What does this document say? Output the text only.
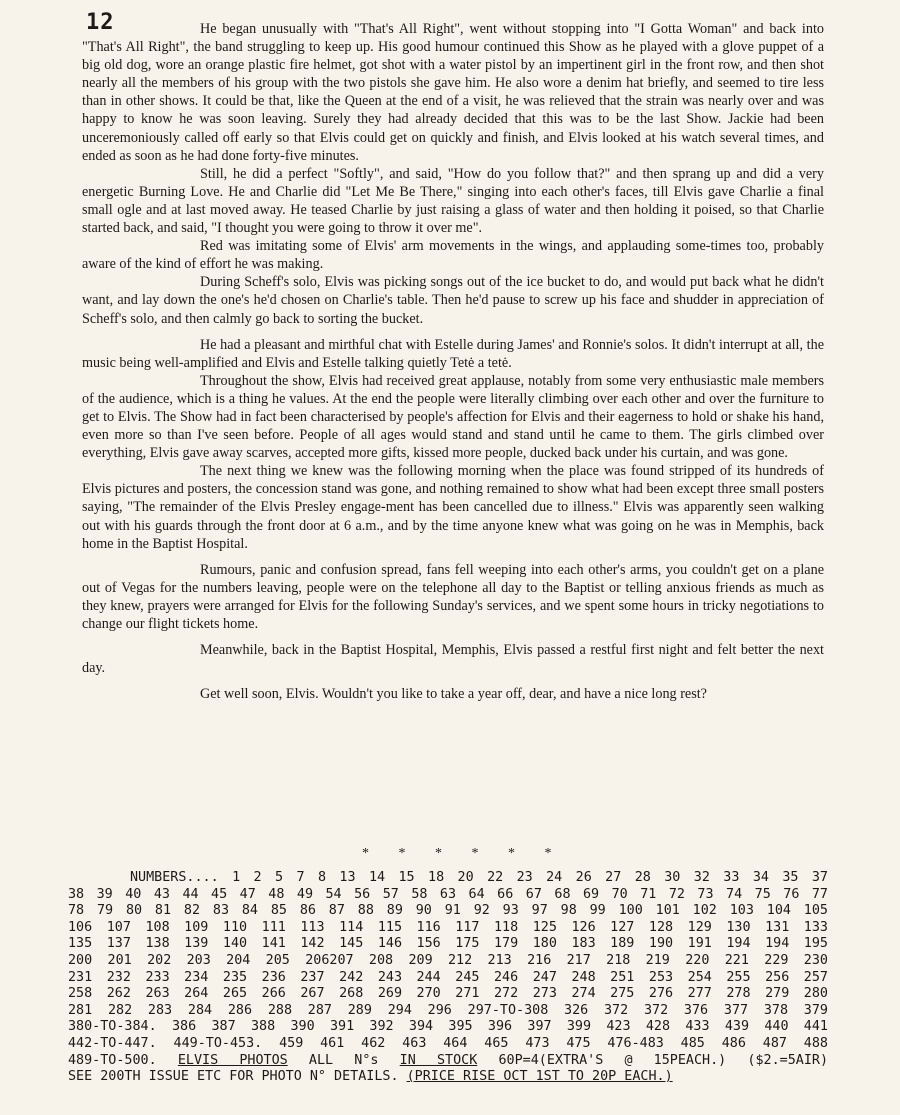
12	He began unusually with "That's All Right", went without stopping into "I Gotta Woman" and back into "That's All Right", the band struggling to keep up. His good humour continued this Show as he played with a glove puppet of a big old dog, wore an orange plastic fire helmet, got shot with a water pistol by an impertinent girl in the front row, and then shot nearly all the members of his group with the two pistols she gave him. He also wore a denim hat briefly, and seemed to tire less than in other shows. It could be that, like the Queen at the end of a visit, he was relieved that the strain was nearly over and was happy to know he was soon leaving. Surely they had already decided that this was to be the last Show. Jackie had been unceremoniously called off early so that Elvis could get on quickly and finish, and Elvis looked at his watch several times, and ended as soon as he had done forty-five minutes.

Still, he did a perfect "Softly", and said, "How do you follow that?" and then sprang up and did a very energetic Burning Love. He and Charlie did "Let Me Be There," singing into each other's faces, till Elvis gave Charlie a final small ogle and at last moved away. He teased Charlie by just raising a glass of water and then holding it poised, so that Charlie started back, and said, "I thought you were going to throw it over me".

Red was imitating some of Elvis' arm movements in the wings, and applauding some-times too, probably aware of the kind of effort he was making.

During Scheff's solo, Elvis was picking songs out of the ice bucket to do, and would put back what he didn't want, and lay down the one's he'd chosen on Charlie's table. Then he'd pause to screw up his face and shudder in appreciation of Scheff's solo, and then calmly go back to sorting the bucket.

He had a pleasant and mirthful chat with Estelle during James' and Ronnie's solos. It didn't interrupt at all, the music being well-amplified and Elvis and Estelle talking quietly Tetė a tetė.

Throughout the show, Elvis had received great applause, notably from some very enthusiastic male members of the audience, which is a thing he values. At the end the people were literally climbing over each other and over the furniture to get to Elvis. The Show had in fact been characterised by people's affection for Elvis and their eagerness to hold or shake his hand, even more so than I've seen before. People of all ages would stand and stand until he came to them. The girls climbed over everything, Elvis gave away scarves, accepted more gifts, kissed more people, ducked back under his curtain, and was gone.

The next thing we knew was the following morning when the place was found stripped of its hundreds of Elvis pictures and posters, the concession stand was gone, and nothing remained to show what had been except three small posters saying, "The remainder of the Elvis Presley engage-ment has been cancelled due to illness." Elvis was apparently seen walking out with his guards through the front door at 6 a.m., and by the time anyone knew what was going on he was in Memphis, back home in the Baptist Hospital.

Rumours, panic and confusion spread, fans fell weeping into each other's arms, you couldn't get on a plane out of Vegas for the numbers leaving, people were on the telephone all day to the Baptist or telling anxious friends as much as they knew, prayers were arranged for Elvis for the following Sunday's services, and we spent some hours in tricky negotiations to change our flight tickets home.

Meanwhile, back in the Baptist Hospital, Memphis, Elvis passed a restful first night and felt better the next day.

Get well soon, Elvis. Wouldn't you like to take a year off, dear, and have a nice long rest?

* * * * * *
NUMBERS.... 1 2 5 7 8 13 14 15 18 20 22 23 24 26 27 28 30 32 33 34 35 37
38 39 40 43 44 45 47 48 49 54 56 57 58 63 64 66 67 68 69 70 71 72 73 74 75 76 77
78 79 80 81 82 83 84 85 86 87 88 89 90 91 92 93 97 98 99 100 101 102 103 104 105
106 107 108 109 110 111 113 114 115 116 117 118 125 126 127 128 129 130 131 133
135 137 138 139 140 141 142 145 146 156 175 179 180 183 189 190 191 194 194 195
200 201 202 203 204 205 206207 208 209 212 213 216 217 218 219 220 221 229 230
231 232 233 234 235 236 237 242 243 244 245 246 247 248 251 253 254 255 256 257
258 262 263 264 265 266 267 268 269 270 271 272 273 274 275 276 277 278 279 280
281 282 283 284 286 288 287 289 294 296 297-TO-308 326 372 372 376 377 378 379
380-TO-384. 386 387 388 390 391 392 394 395 396 397 399 423 428 433 439 440 441
442-TO-447. 449-TO-453. 459 461 462 463 464 465 473 475 476-483 485 486 487 488
489-TO-500. ELVIS PHOTOS ALL N°s IN STOCK 60P=4(EXTRA'S @ 15PEACH.) ($2.=5AIR)
SEE 200TH ISSUE ETC FOR PHOTO N° DETAILS. (PRICE RISE OCT 1ST TO 20P EACH.)
